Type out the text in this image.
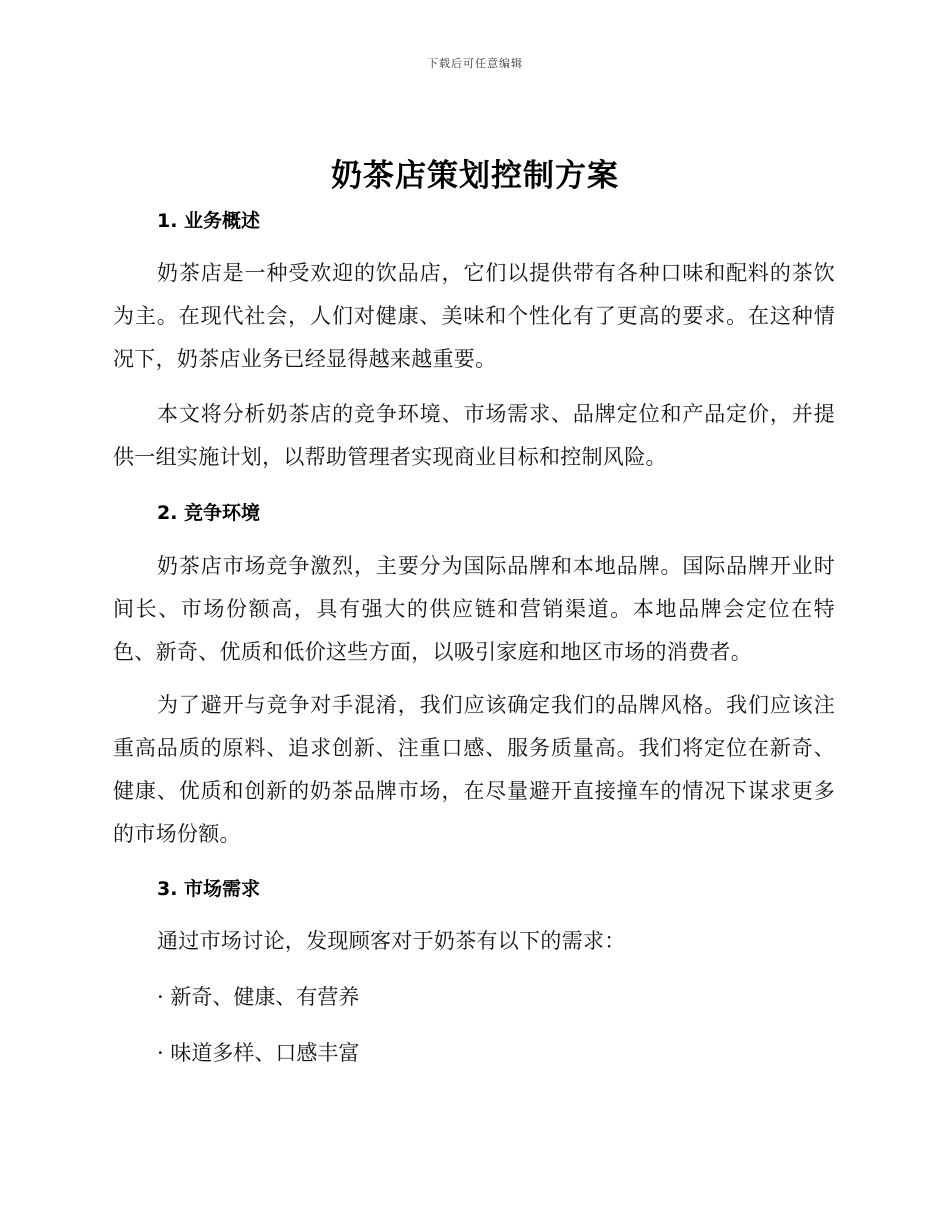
下载后可任意编辑
奶茶店策划控制方案
1. 业务概述
奶茶店是一种受欢迎的饮品店，它们以提供带有各种口味和配料的茶饮为主。在现代社会，人们对健康、美味和个性化有了更高的要求。在这种情况下，奶茶店业务已经显得越来越重要。
本文将分析奶茶店的竞争环境、市场需求、品牌定位和产品定价，并提供一组实施计划，以帮助管理者实现商业目标和控制风险。
2. 竞争环境
奶茶店市场竞争激烈，主要分为国际品牌和本地品牌。国际品牌开业时间长、市场份额高，具有强大的供应链和营销渠道。本地品牌会定位在特色、新奇、优质和低价这些方面，以吸引家庭和地区市场的消费者。
为了避开与竞争对手混淆，我们应该确定我们的品牌风格。我们应该注重高品质的原料、追求创新、注重口感、服务质量高。我们将定位在新奇、健康、优质和创新的奶茶品牌市场，在尽量避开直接撞车的情况下谋求更多的市场份额。
3. 市场需求
通过市场讨论，发现顾客对于奶茶有以下的需求：
· 新奇、健康、有营养
· 味道多样、口感丰富
